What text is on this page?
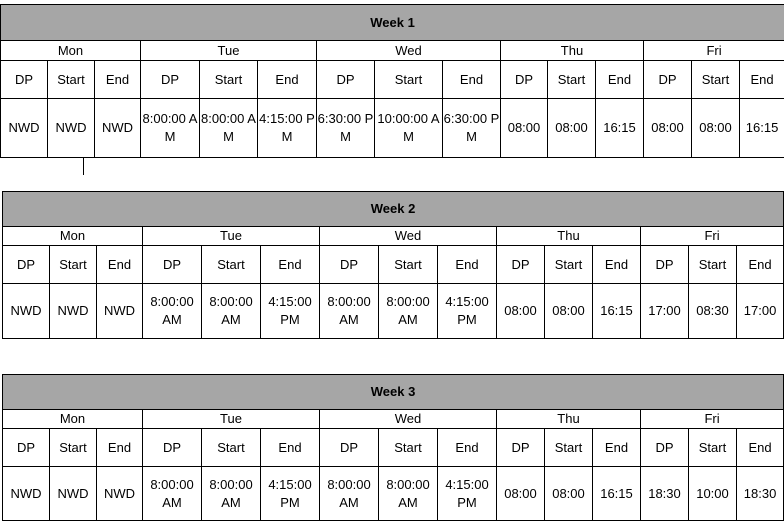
Week 1														
Mon			Tue			Wed			Thu			Fri		
DP	Start	End	DP	Start	End	DP	Start	End	DP	Start	End	DP	Start	End
NWD	NWD	NWD	8:00:00 AM	8:00:00 AM	4:15:00 PM	6:30:00 PM	10:00:00 AM	6:30:00 PM	08:00	08:00	16:15	08:00	08:00	16:15
Week 2														
Mon			Tue			Wed			Thu			Fri		
DP	Start	End	DP	Start	End	DP	Start	End	DP	Start	End	DP	Start	End
NWD	NWD	NWD	8:00:00 AM	8:00:00 AM	4:15:00 PM	8:00:00 AM	8:00:00 AM	4:15:00 PM	08:00	08:00	16:15	17:00	08:30	17:00
Week 3														
Mon			Tue			Wed			Thu			Fri		
DP	Start	End	DP	Start	End	DP	Start	End	DP	Start	End	DP	Start	End
NWD	NWD	NWD	8:00:00 AM	8:00:00 AM	4:15:00 PM	8:00:00 AM	8:00:00 AM	4:15:00 PM	08:00	08:00	16:15	18:30	10:00	18:30
